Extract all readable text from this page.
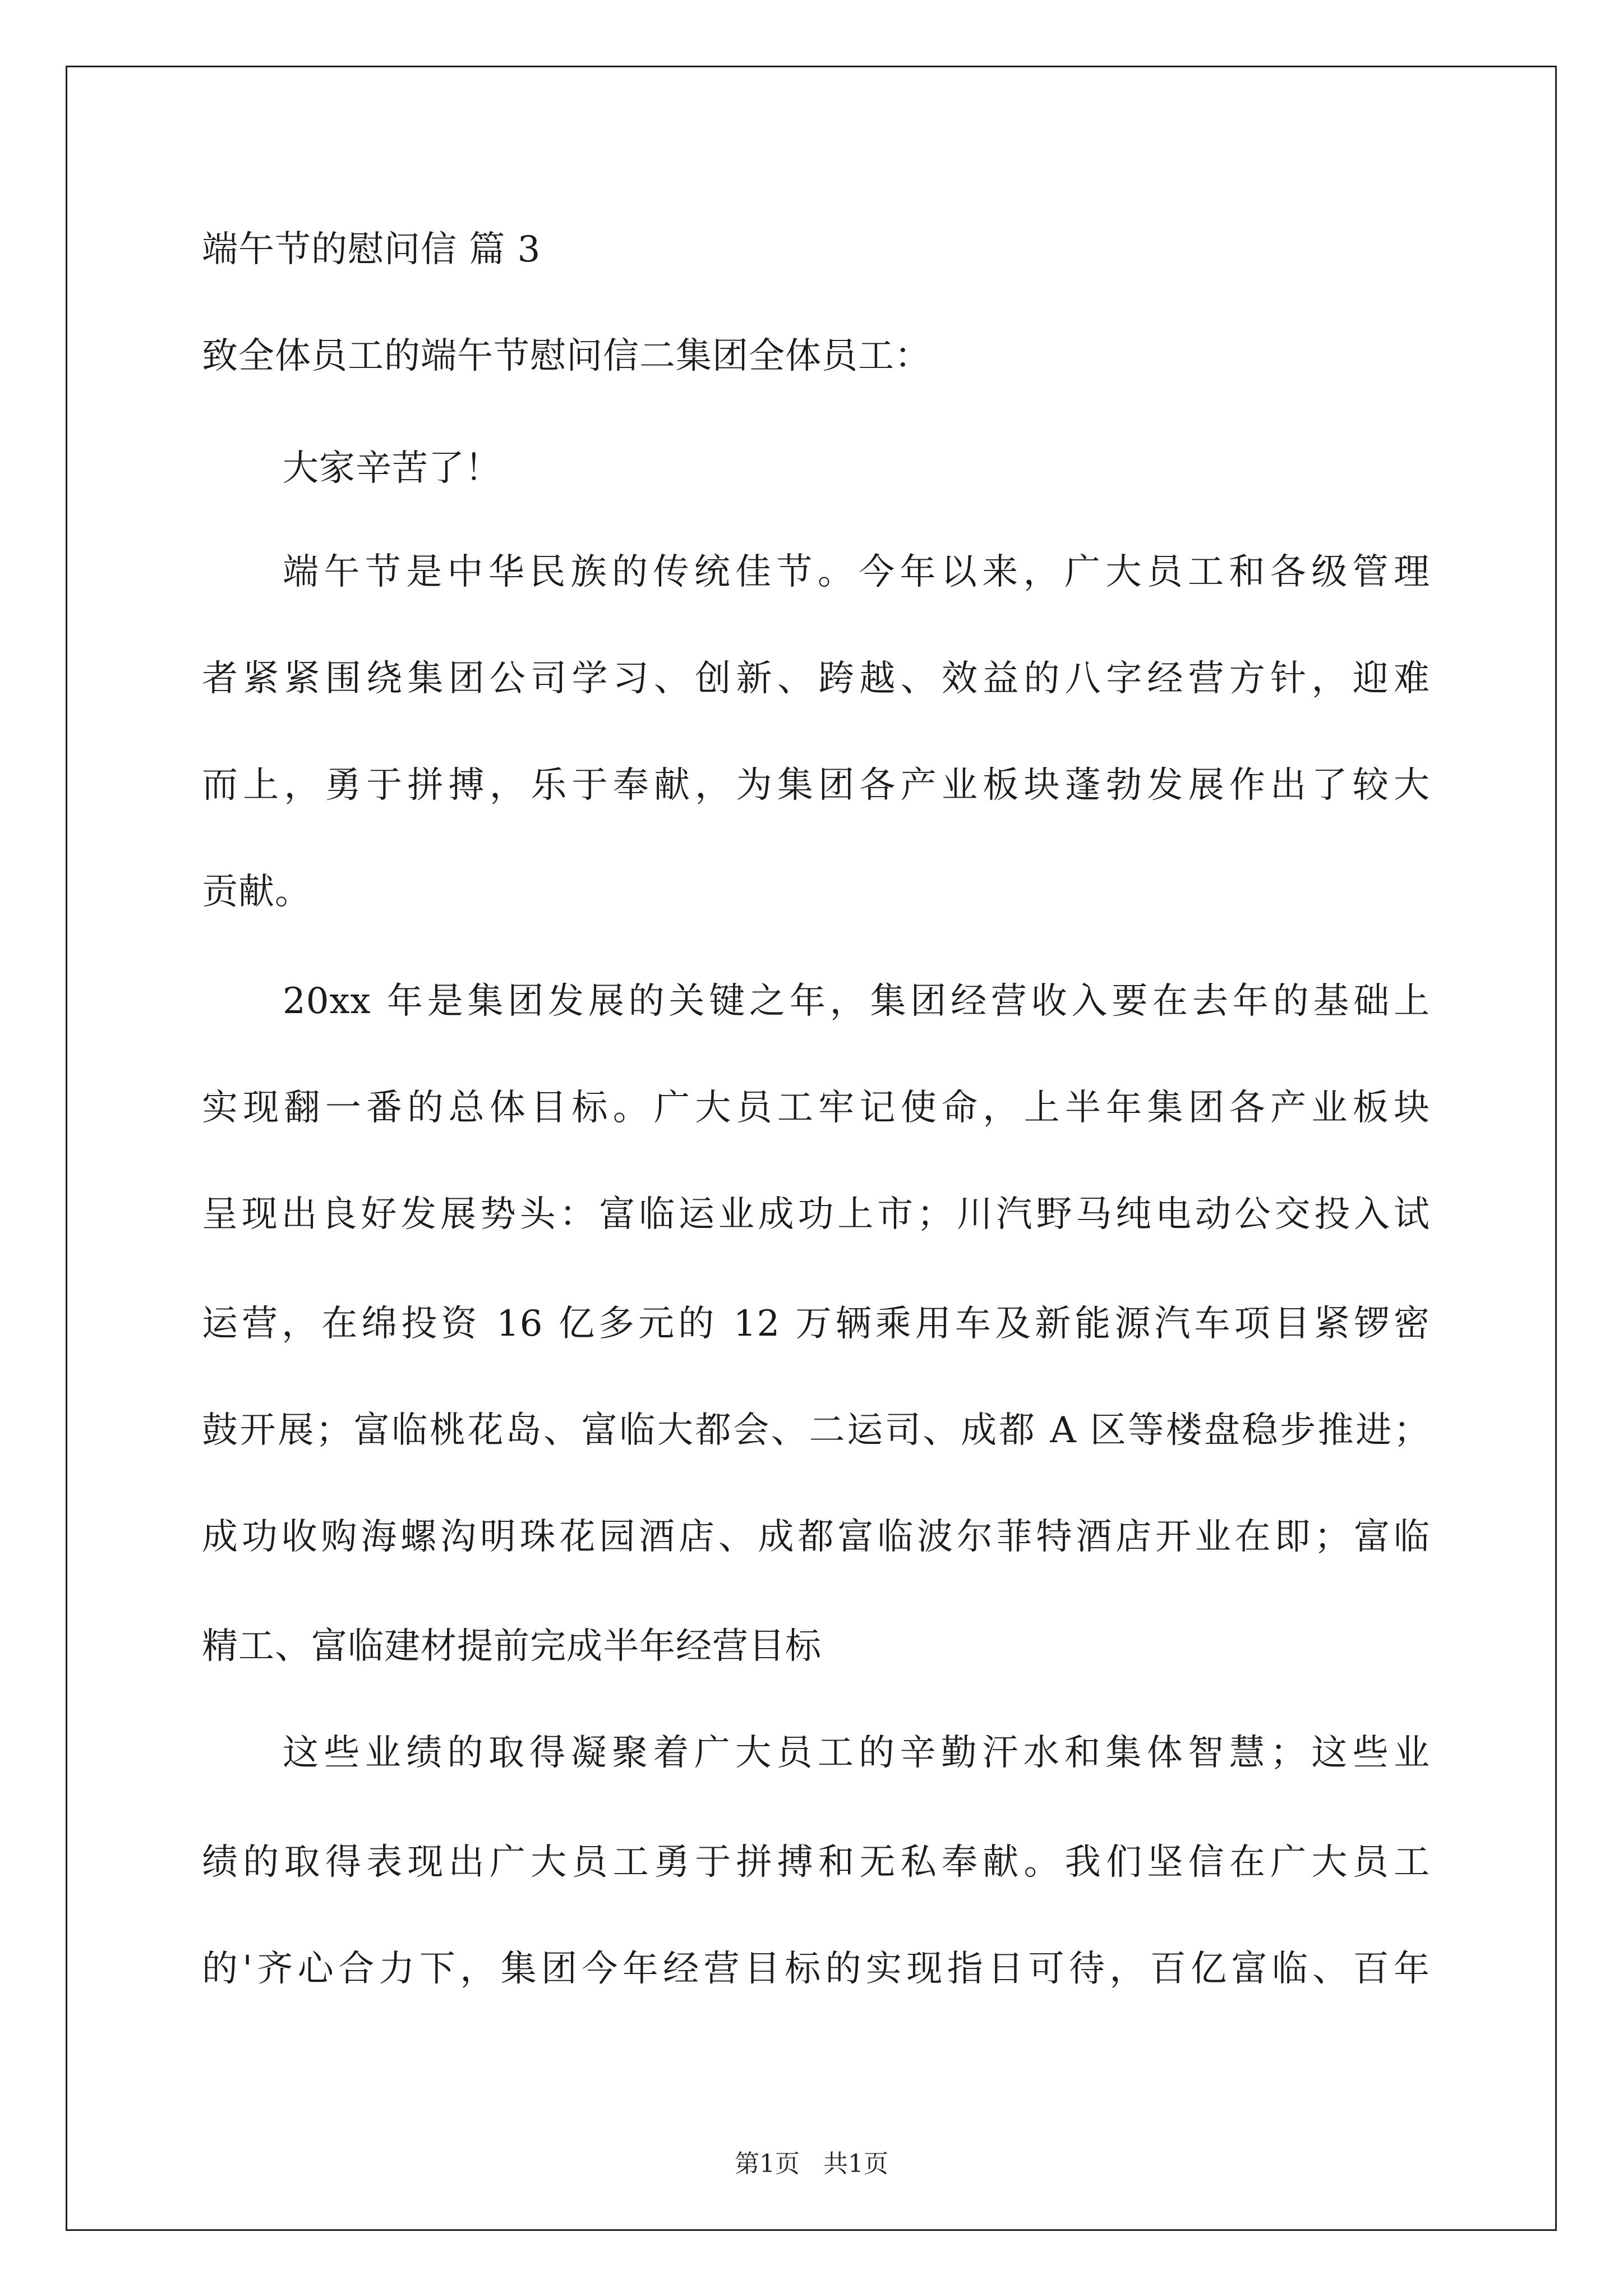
端午节的慰问信 篇 3
致全体员工的端午节慰问信二集团全体员工：
大家辛苦了！
端午节是中华民族的传统佳节。今年以来，广大员工和各级管理
者紧紧围绕集团公司学习、创新、跨越、效益的八字经营方针，迎难
而上，勇于拼搏，乐于奉献，为集团各产业板块蓬勃发展作出了较大
贡献。
20xx 年是集团发展的关键之年，集团经营收入要在去年的基础上
实现翻一番的总体目标。广大员工牢记使命，上半年集团各产业板块
呈现出良好发展势头：富临运业成功上市；川汽野马纯电动公交投入试
运营，在绵投资 16 亿多元的 12 万辆乘用车及新能源汽车项目紧锣密
鼓开展；富临桃花岛、富临大都会、二运司、成都 A 区等楼盘稳步推进；
成功收购海螺沟明珠花园酒店、成都富临波尔菲特酒店开业在即；富临
精工、富临建材提前完成半年经营目标
这些业绩的取得凝聚着广大员工的辛勤汗水和集体智慧；这些业
绩的取得表现出广大员工勇于拼搏和无私奉献。我们坚信在广大员工
的'齐心合力下，集团今年经营目标的实现指日可待，百亿富临、百年
第1页   共1页
